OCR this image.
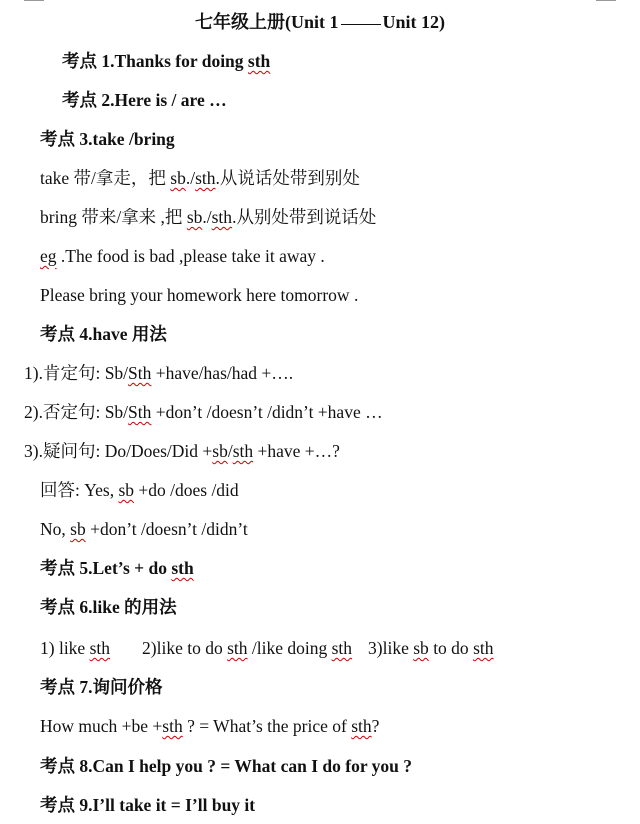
七年级上册(Unit 1 Unit 12)
考点 1.Thanks for doing sth
考点 2.Here is / are …
考点 3.take /bring
take 带/拿走，把 sb./sth.从说话处带到别处
bring 带来/拿来 ,把 sb./sth.从别处带到说话处
eg .The food is bad ,please take it away .
Please bring your homework here tomorrow .
考点 4.have 用法
1).肯定句: Sb/Sth +have/has/had +….
2).否定句: Sb/Sth +don’t /doesn’t /didn’t +have …
3).疑问句: Do/Does/Did +sb/sth +have +…?
回答: Yes, sb +do /does /did
No, sb +don’t /doesn’t /didn’t
考点 5.Let’s + do sth
考点 6.like 的用法
1) like sth 2)like to do sth /like doing sth 3)like sb to do sth
考点 7.询问价格
How much +be +sth ? = What’s the price of sth?
考点 8.Can I help you ? = What can I do for you ?
考点 9.I’ll take it = I’ll buy it
